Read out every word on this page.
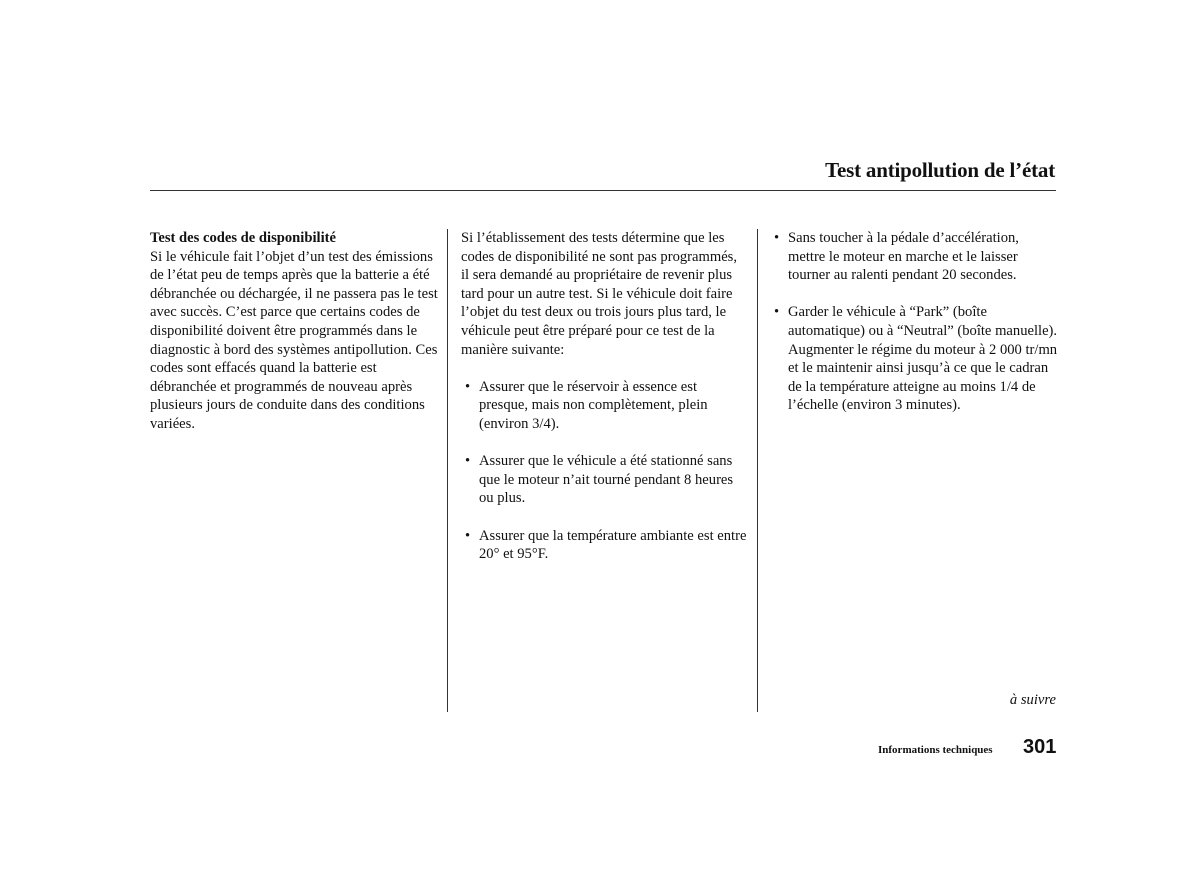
Test antipollution de l’état

Test des codes de disponibilité

Si le véhicule fait l’objet d’un test des émissions de l’état peu de temps après que la batterie a été débranchée ou déchargée, il ne passera pas le test avec succès. C’est parce que certains codes de disponibilité doivent être programmés dans le diagnostic à bord des systèmes antipollution. Ces codes sont effacés quand la batterie est débranchée et programmés de nouveau après plusieurs jours de conduite dans des conditions variées.

Si l’établissement des tests détermine que les codes de disponibilité ne sont pas programmés, il sera demandé au propriétaire de revenir plus tard pour un autre test. Si le véhicule doit faire l’objet du test deux ou trois jours plus tard, le véhicule peut être préparé pour ce test de la manière suivante:

• Assurer que le réservoir à essence est presque, mais non complètement, plein (environ 3/4).
• Assurer que le véhicule a été stationné sans que le moteur n’ait tourné pendant 8 heures ou plus.
• Assurer que la température ambiante est entre 20° et 95°F.
• Sans toucher à la pédale d’accélération, mettre le moteur en marche et le laisser tourner au ralenti pendant 20 secondes.
• Garder le véhicule à “Park” (boîte automatique) ou à “Neutral” (boîte manuelle). Augmenter le régime du moteur à 2 000 tr/mn et le maintenir ainsi jusqu’à ce que le cadran de la température atteigne au moins 1/4 de l’échelle (environ 3 minutes).
à suivre
Informations techniques 301
